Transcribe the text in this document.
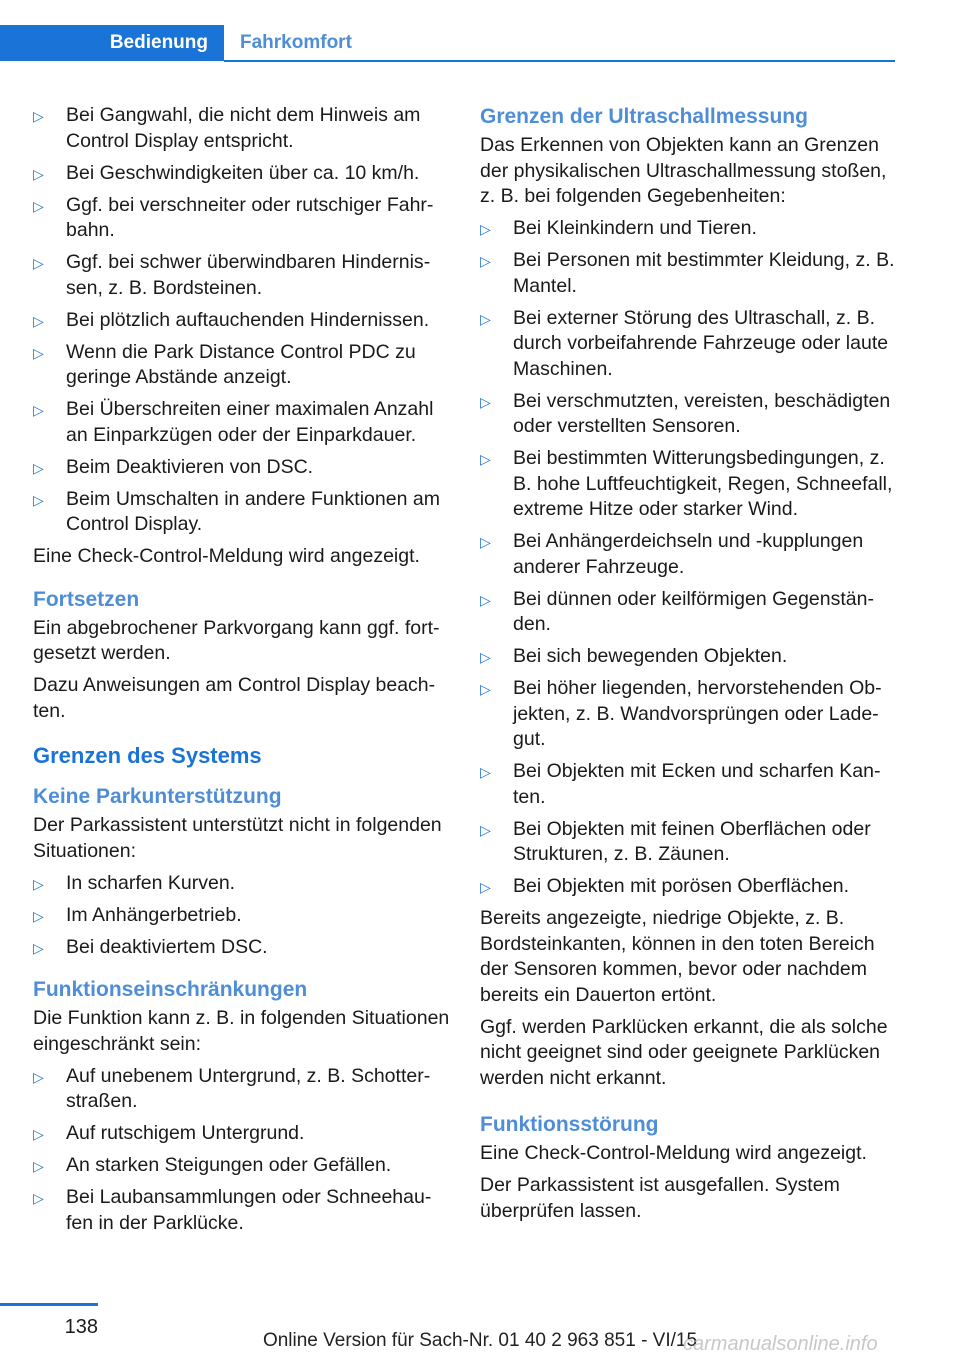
Bedienung	Fahrkomfort
▷ Bei Gangwahl, die nicht dem Hinweis am Control Display entspricht.
▷ Bei Geschwindigkeiten über ca. 10 km/h.
▷ Ggf. bei verschneiter oder rutschiger Fahrbahn.
▷ Ggf. bei schwer überwindbaren Hindernissen, z. B. Bordsteinen.
▷ Bei plötzlich auftauchenden Hindernissen.
▷ Wenn die Park Distance Control PDC zu geringe Abstände anzeigt.
▷ Bei Überschreiten einer maximalen Anzahl an Einparkzügen oder der Einparkdauer.
▷ Beim Deaktivieren von DSC.
▷ Beim Umschalten in andere Funktionen am Control Display.

Eine Check-Control-Meldung wird angezeigt.

Fortsetzen

Ein abgebrochener Parkvorgang kann ggf. fortgesetzt werden.

Dazu Anweisungen am Control Display beachten.

Grenzen des Systems
Keine Parkunterstützung

Der Parkassistent unterstützt nicht in folgenden Situationen:

▷ In scharfen Kurven.
▷ Im Anhängerbetrieb.
▷ Bei deaktiviertem DSC.
Funktionseinschränkungen

Die Funktion kann z. B. in folgenden Situationen eingeschränkt sein:

▷ Auf unebenem Untergrund, z. B. Schotterstraßen.
▷ Auf rutschigem Untergrund.
▷ An starken Steigungen oder Gefällen.
▷ Bei Laubansammlungen oder Schneehaufen in der Parklücke.
Grenzen der Ultraschallmessung

Das Erkennen von Objekten kann an Grenzen der physikalischen Ultraschallmessung stoßen, z. B. bei folgenden Gegebenheiten:

▷ Bei Kleinkindern und Tieren.
▷ Bei Personen mit bestimmter Kleidung, z. B. Mantel.
▷ Bei externer Störung des Ultraschall, z. B. durch vorbeifahrende Fahrzeuge oder laute Maschinen.
▷ Bei verschmutzten, vereisten, beschädigten oder verstellten Sensoren.
▷ Bei bestimmten Witterungsbedingungen, z. B. hohe Luftfeuchtigkeit, Regen, Schneefall, extreme Hitze oder starker Wind.
▷ Bei Anhängerdeichseln und -kupplungen anderer Fahrzeuge.
▷ Bei dünnen oder keilförmigen Gegenständen.
▷ Bei sich bewegenden Objekten.
▷ Bei höher liegenden, hervorstehenden Objekten, z. B. Wandvorsprüngen oder Ladegut.
▷ Bei Objekten mit Ecken und scharfen Kanten.
▷ Bei Objekten mit feinen Oberflächen oder Strukturen, z. B. Zäunen.
▷ Bei Objekten mit porösen Oberflächen.

Bereits angezeigte, niedrige Objekte, z. B. Bordsteinkanten, können in den toten Bereich der Sensoren kommen, bevor oder nachdem bereits ein Dauerton ertönt.

Ggf. werden Parklücken erkannt, die als solche nicht geeignet sind oder geeignete Parklücken werden nicht erkannt.

Funktionsstörung

Eine Check-Control-Meldung wird angezeigt.

Der Parkassistent ist ausgefallen. System überprüfen lassen.

138
Online Version für Sach-Nr. 01 40 2 963 851 - VI/15
carmanualsonline.info
